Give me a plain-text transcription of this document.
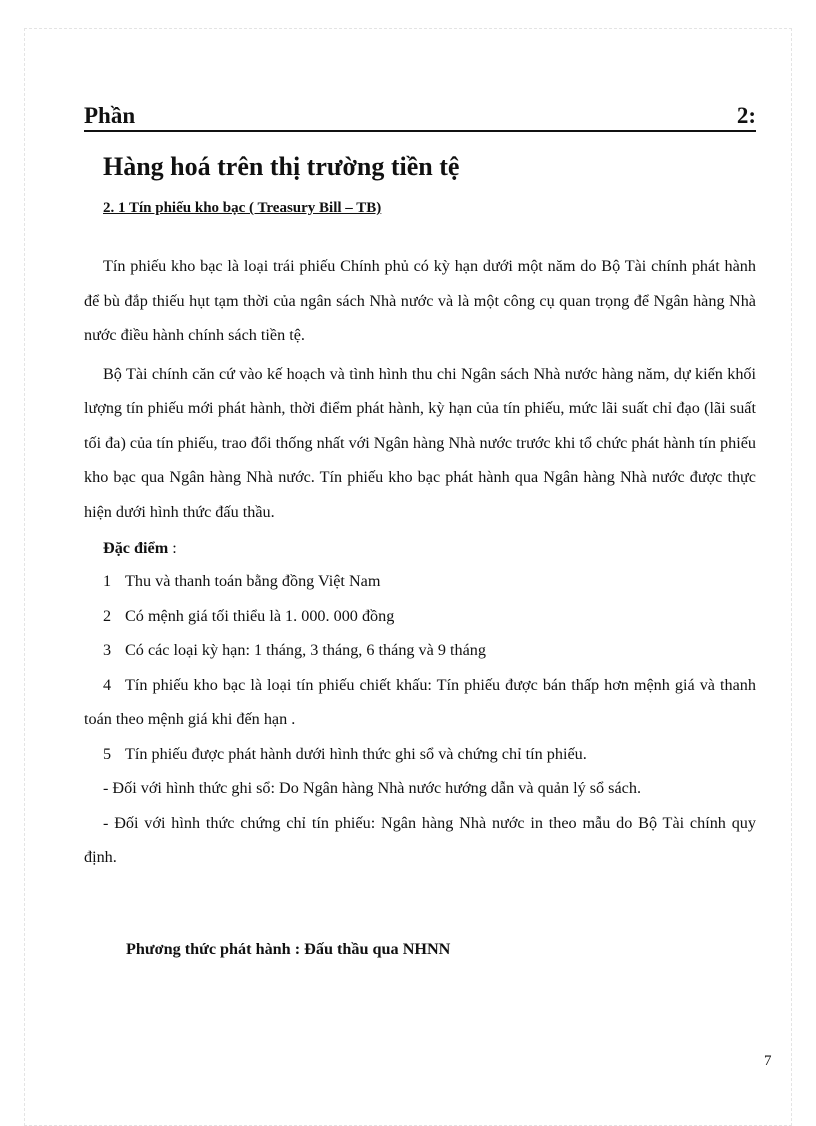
Phần	2:
Hàng hoá trên thị trường tiền tệ
2. 1 Tín phiếu kho bạc ( Treasury Bill – TB)

Tín phiếu kho bạc là loại trái phiếu Chính phủ có kỳ hạn dưới một năm do Bộ Tài chính phát hành để bù đắp thiếu hụt tạm thời của ngân sách Nhà nước và là một công cụ quan trọng để Ngân hàng Nhà nước điều hành chính sách tiền tệ.

Bộ Tài chính căn cứ vào kế hoạch và tình hình thu chi Ngân sách Nhà nước hàng năm, dự kiến khối lượng tín phiếu mới phát hành, thời điểm phát hành, kỳ hạn của tín phiếu, mức lãi suất chỉ đạo (lãi suất tối đa) của tín phiếu, trao đổi thống nhất với Ngân hàng Nhà nước trước khi tổ chức phát hành tín phiếu kho bạc qua Ngân hàng Nhà nước. Tín phiếu kho bạc phát hành qua Ngân hàng Nhà nước được thực hiện dưới hình thức đấu thầu.

Đặc điểm :

1 Thu và thanh toán bằng đồng Việt Nam

2 Có mệnh giá tối thiểu là 1. 000. 000 đồng

3 Có các loại kỳ hạn: 1 tháng, 3 tháng, 6 tháng và 9 tháng

4 Tín phiếu kho bạc là loại tín phiếu chiết khấu: Tín phiếu được bán thấp hơn mệnh giá và thanh toán theo mệnh giá khi đến hạn .

5 Tín phiếu được phát hành dưới hình thức ghi sổ và chứng chỉ tín phiếu.

- Đối với hình thức ghi sổ: Do Ngân hàng Nhà nước hướng dẫn và quản lý sổ sách.

- Đối với hình thức chứng chỉ tín phiếu: Ngân hàng Nhà nước in theo mẫu do Bộ Tài chính quy định.

Phương thức phát hành : Đấu thầu qua NHNN
7
